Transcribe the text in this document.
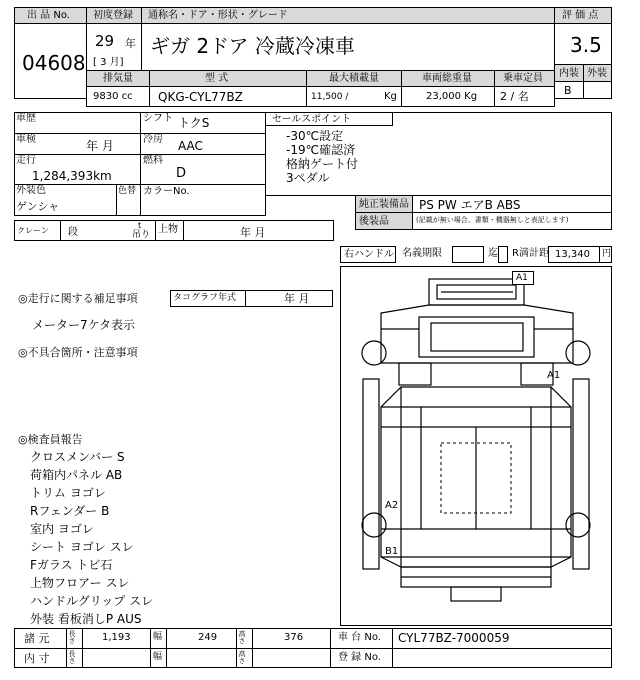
出 品 No.
04608
初度登録 通称名・ドア・形状・グレード	評 価 点
29 年
[ 3 月]
ギガ 2ドア 冷蔵冷凍車	3.5
内装 外装
B
排気量	型 式	最大積載量	車両総重量	乗車定員
9830 cc QKG-CYL77BZ	11,500 /	Kg	23,000 Kg 2 / 名
車歴	シフト トクS
車検	年 月	冷房 AAC
走行
1,284,393km
燃料
D
外装色
ゲンシャ
色替 カラーNo.
セールスポイント
-30℃設定
-19℃確認済
格納ゲート付
3ペダル
純正装備品 PS PW エアB ABS
後装品	(記載が無い場合、書類・機器無しと表記します)
クレーン 段
t
吊り 上物	年 月
右ハンドル 名義期限	迄 R満計距 13,340 円
◎走行に関する補足事項	タコグラフ年式	年 月
メーター7ケタ表示
◎不具合箇所・注意事項
◎検査員報告
クロスメンバー S
荷箱内パネル AB
トリム ヨゴレ
Rフェンダー B
室内 ヨゴレ
シート ヨゴレ スレ
Fガラス トビ石
上物フロアー スレ
ハンドルグリップ スレ
外装 看板消しP AUS
A1
A1
A2
B1
諸 元	長さ	1,193 幅	249	高さ	376	車 台 No. CYL77BZ-7000059
内 寸	長さ	幅	高さ	登 録 No.
